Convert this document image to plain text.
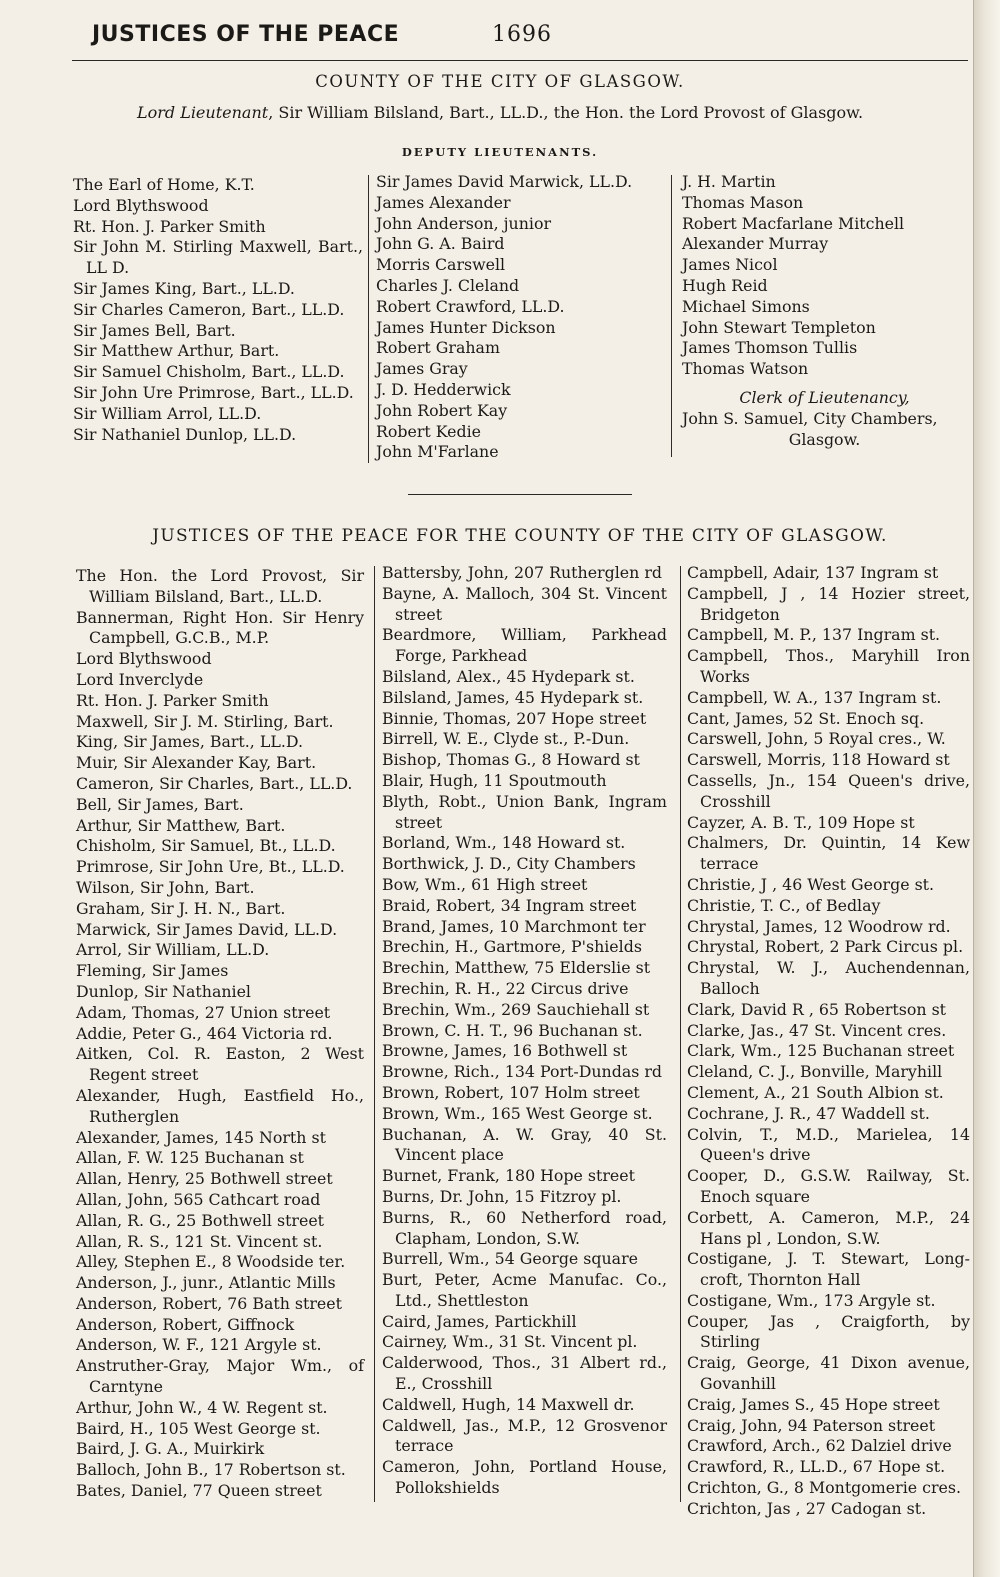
JUSTICES OF THE PEACE	1696
COUNTY OF THE CITY OF GLASGOW.
Lord Lieutenant, Sir William Bilsland, Bart., LL.D., the Hon. the Lord Provost of Glasgow.
DEPUTY LIEUTENANTS.
The Earl of Home, K.T.
Lord Blythswood
Rt. Hon. J. Parker Smith
Sir John M. Stirling Maxwell, Bart., LL D.
Sir James King, Bart., LL.D.
Sir Charles Cameron, Bart., LL.D.
Sir James Bell, Bart.
Sir Matthew Arthur, Bart.
Sir Samuel Chisholm, Bart., LL.D.
Sir John Ure Primrose, Bart., LL.D.
Sir William Arrol, LL.D.
Sir Nathaniel Dunlop, LL.D.
Sir James David Marwick, LL.D.
James Alexander
John Anderson, junior
John G. A. Baird
Morris Carswell
Charles J. Cleland
Robert Crawford, LL.D.
James Hunter Dickson
Robert Graham
James Gray
J. D. Hedderwick
John Robert Kay
Robert Kedie
John M'Farlane
J. H. Martin
Thomas Mason
Robert Macfarlane Mitchell
Alexander Murray
James Nicol
Hugh Reid
Michael Simons
John Stewart Templeton
James Thomson Tullis
Thomas Watson
Clerk of Lieutenancy,
John S. Samuel, City Chambers,
Glasgow.
JUSTICES OF THE PEACE FOR THE COUNTY OF THE CITY OF GLASGOW.
The Hon. the Lord Provost, Sir William Bilsland, Bart., LL.D.
Bannerman, Right Hon. Sir Henry Campbell, G.C.B., M.P.
Lord Blythswood
Lord Inverclyde
Rt. Hon. J. Parker Smith
Maxwell, Sir J. M. Stirling, Bart.
King, Sir James, Bart., LL.D.
Muir, Sir Alexander Kay, Bart.
Cameron, Sir Charles, Bart., LL.D.
Bell, Sir James, Bart.
Arthur, Sir Matthew, Bart.
Chisholm, Sir Samuel, Bt., LL.D.
Primrose, Sir John Ure, Bt., LL.D.
Wilson, Sir John, Bart.
Graham, Sir J. H. N., Bart.
Marwick, Sir James David, LL.D.
Arrol, Sir William, LL.D.
Fleming, Sir James
Dunlop, Sir Nathaniel
Adam, Thomas, 27 Union street
Addie, Peter G., 464 Victoria rd.
Aitken, Col. R. Easton, 2 West Regent street
Alexander, Hugh, Eastfield Ho., Rutherglen
Alexander, James, 145 North st
Allan, F. W. 125 Buchanan st
Allan, Henry, 25 Bothwell street
Allan, John, 565 Cathcart road
Allan, R. G., 25 Bothwell street
Allan, R. S., 121 St. Vincent st.
Alley, Stephen E., 8 Woodside ter.
Anderson, J., junr., Atlantic Mills
Anderson, Robert, 76 Bath street
Anderson, Robert, Giffnock
Anderson, W. F., 121 Argyle st.
Anstruther-Gray, Major Wm., of Carntyne
Arthur, John W., 4 W. Regent st.
Baird, H., 105 West George st.
Baird, J. G. A., Muirkirk
Balloch, John B., 17 Robertson st.
Bates, Daniel, 77 Queen street
Battersby, John, 207 Rutherglen rd
Bayne, A. Malloch, 304 St. Vincent street
Beardmore, William, Parkhead Forge, Parkhead
Bilsland, Alex., 45 Hydepark st.
Bilsland, James, 45 Hydepark st.
Binnie, Thomas, 207 Hope street
Birrell, W. E., Clyde st., P.-Dun.
Bishop, Thomas G., 8 Howard st
Blair, Hugh, 11 Spoutmouth
Blyth, Robt., Union Bank, Ingram street
Borland, Wm., 148 Howard st.
Borthwick, J. D., City Chambers
Bow, Wm., 61 High street
Braid, Robert, 34 Ingram street
Brand, James, 10 Marchmont ter
Brechin, H., Gartmore, P'shields
Brechin, Matthew, 75 Elderslie st
Brechin, R. H., 22 Circus drive
Brechin, Wm., 269 Sauchiehall st
Brown, C. H. T., 96 Buchanan st.
Browne, James, 16 Bothwell st
Browne, Rich., 134 Port-Dundas rd
Brown, Robert, 107 Holm street
Brown, Wm., 165 West George st.
Buchanan, A. W. Gray, 40 St. Vincent place
Burnet, Frank, 180 Hope street
Burns, Dr. John, 15 Fitzroy pl.
Burns, R., 60 Netherford road, Clapham, London, S.W.
Burrell, Wm., 54 George square
Burt, Peter, Acme Manufac. Co., Ltd., Shettleston
Caird, James, Partickhill
Cairney, Wm., 31 St. Vincent pl.
Calderwood, Thos., 31 Albert rd., E., Crosshill
Caldwell, Hugh, 14 Maxwell dr.
Caldwell, Jas., M.P., 12 Grosvenor terrace
Cameron, John, Portland House, Pollokshields
Campbell, Adair, 137 Ingram st
Campbell, J , 14 Hozier street, Bridgeton
Campbell, M. P., 137 Ingram st.
Campbell, Thos., Maryhill Iron Works
Campbell, W. A., 137 Ingram st.
Cant, James, 52 St. Enoch sq.
Carswell, John, 5 Royal cres., W.
Carswell, Morris, 118 Howard st
Cassells, Jn., 154 Queen's drive, Crosshill
Cayzer, A. B. T., 109 Hope st
Chalmers, Dr. Quintin, 14 Kew terrace
Christie, J , 46 West George st.
Christie, T. C., of Bedlay
Chrystal, James, 12 Woodrow rd.
Chrystal, Robert, 2 Park Circus pl.
Chrystal, W. J., Auchendennan, Balloch
Clark, David R , 65 Robertson st
Clarke, Jas., 47 St. Vincent cres.
Clark, Wm., 125 Buchanan street
Cleland, C. J., Bonville, Maryhill
Clement, A., 21 South Albion st.
Cochrane, J. R., 47 Waddell st.
Colvin, T., M.D., Marielea, 14 Queen's drive
Cooper, D., G.S.W. Railway, St. Enoch square
Corbett, A. Cameron, M.P., 24 Hans pl , London, S.W.
Costigane, J. T. Stewart, Long-croft, Thornton Hall
Costigane, Wm., 173 Argyle st.
Couper, Jas , Craigforth, by Stirling
Craig, George, 41 Dixon avenue, Govanhill
Craig, James S., 45 Hope street
Craig, John, 94 Paterson street
Crawford, Arch., 62 Dalziel drive
Crawford, R., LL.D., 67 Hope st.
Crichton, G., 8 Montgomerie cres.
Crichton, Jas , 27 Cadogan st.
